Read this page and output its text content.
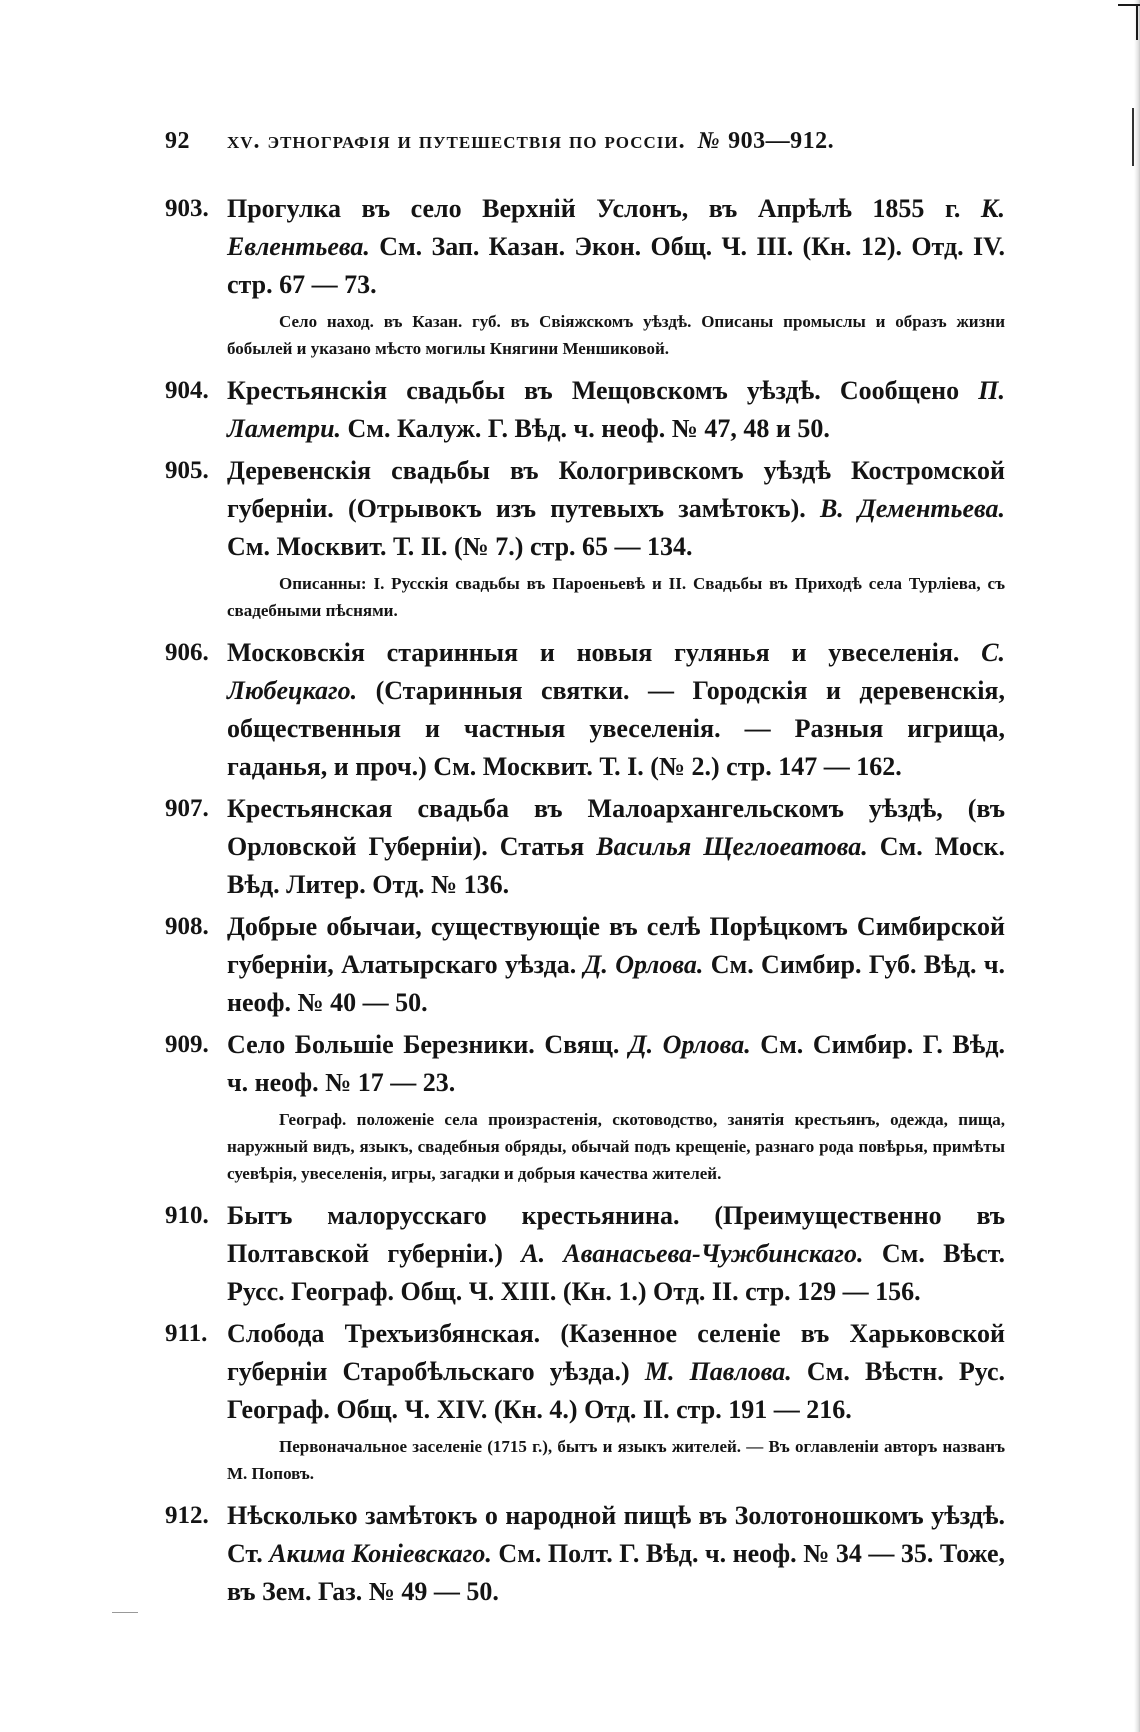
92	xv. этнографія и путешествія по россіи. № 903—912.
903. Прогулка въ село Верхній Услонъ, въ Апрѣлѣ 1855 г. К. Евлентьева. См. Зап. Казан. Экон. Общ. Ч. III. (Кн. 12). Отд. IV. стр. 67 — 73.

Село наход. въ Казан. губ. въ Свіяжскомъ уѣздѣ. Описаны промыслы и образъ жизни бобылей и указано мѣсто могилы Княгини Меншиковой.

904. Крестьянскія свадьбы въ Мещовскомъ уѣздѣ. Сообщено П. Ламетри. См. Калуж. Г. Вѣд. ч. неоф. № 47, 48 и 50.

905. Деревенскія свадьбы въ Кологривскомъ уѣздѣ Костромской губерніи. (Отрывокъ изъ путевыхъ замѣтокъ). В. Дементьева. См. Москвит. Т. II. (№ 7.) стр. 65 — 134.

Описанны: I. Русскія свадьбы въ Пароеньевѣ и II. Свадьбы въ Приходѣ села Турліева, съ свадебными пѣснями.

906. Московскія старинныя и новыя гулянья и увеселенія. С. Любецкаго. (Старинныя святки. — Городскія и деревенскія, общественныя и частныя увеселенія. — Разныя игрища, гаданья, и проч.) См. Москвит. Т. I. (№ 2.) стр. 147 — 162.

907. Крестьянская свадьба въ Малоархангельскомъ уѣздѣ, (въ Орловской Губерніи). Статья Василья Щеглоеатова. См. Моск. Вѣд. Литер. Отд. № 136.

908. Добрые обычаи, существующіе въ селѣ Порѣцкомъ Симбирской губерніи, Алатырскаго уѣзда. Д. Орлова. См. Симбир. Губ. Вѣд. ч. неоф. № 40 — 50.

909. Село Большіе Березники. Свящ. Д. Орлова. См. Симбир. Г. Вѣд. ч. неоф. № 17 — 23.

Географ. положеніе села произрастенія, скотоводство, занятія крестьянъ, одежда, пища, наружный видъ, языкъ, свадебныя обряды, обычай подъ крещеніе, разнаго рода повѣрья, примѣты суевѣрія, увеселенія, игры, загадки и добрыя качества жителей.

910. Бытъ малорусскаго крестьянина. (Преимущественно въ Полтавской губерніи.) А. Аванасьева-Чужбинскаго. См. Вѣст. Русс. Географ. Общ. Ч. XIII. (Кн. 1.) Отд. II. стр. 129 — 156.

911. Слобода Трехъизбянская. (Казенное селеніе въ Харьковской губерніи Старобѣльскаго уѣзда.) М. Павлова. См. Вѣстн. Рус. Географ. Общ. Ч. XIV. (Кн. 4.) Отд. II. стр. 191 — 216.

Первоначальное заселеніе (1715 г.), бытъ и языкъ жителей. — Въ оглавленіи авторъ названъ М. Поповъ.

912. Нѣсколько замѣтокъ о народной пищѣ въ Золотоношкомъ уѣздѣ. Ст. Акима Коніевскаго. См. Полт. Г. Вѣд. ч. неоф. № 34 — 35. Тоже, въ Зем. Газ. № 49 — 50.
